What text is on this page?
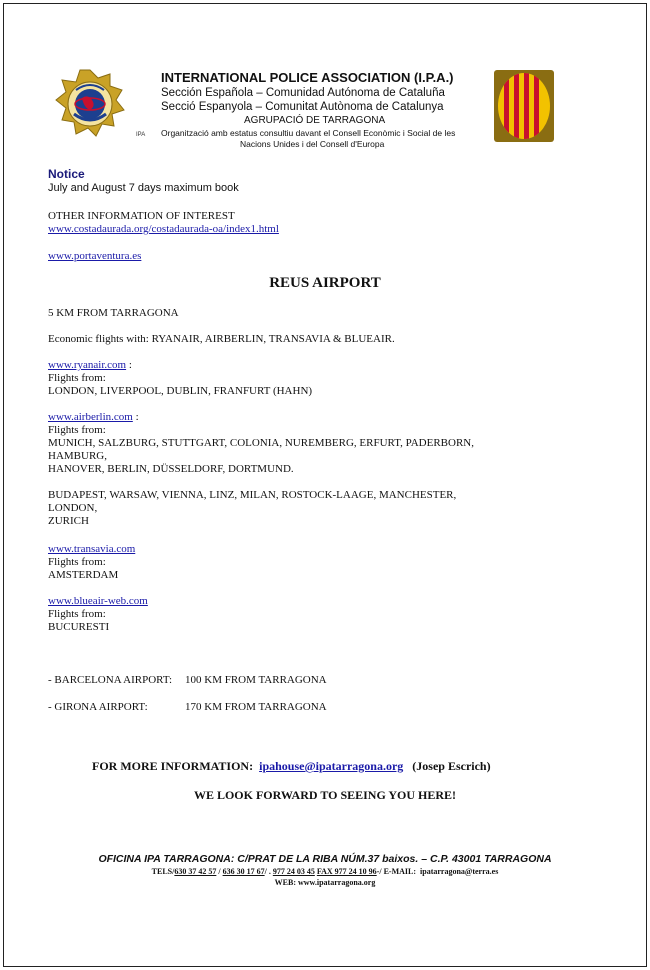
IPA
INTERNATIONAL POLICE ASSOCIATION (I.P.A.)
Sección Española – Comunidad Autónoma de Cataluña
Secció Espanyola – Comunitat Autònoma de Catalunya
AGRUPACIÓ DE TARRAGONA
Organització amb estatus consultiu davant el Consell Econòmic i Social de les
Nacions Unides i del Consell d'Europa
Notice
July and August 7 days maximum book
OTHER INFORMATION OF INTEREST
www.costadaurada.org/costadaurada-oa/index1.html
www.portaventura.es
REUS AIRPORT
5 KM FROM TARRAGONA
Economic flights with: RYANAIR, AIRBERLIN, TRANSAVIA & BLUEAIR.
www.ryanair.com :
Flights from:
LONDON, LIVERPOOL, DUBLIN, FRANFURT (HAHN)
www.airberlin.com :
Flights from:
MUNICH, SALZBURG, STUTTGART, COLONIA, NUREMBERG, ERFURT, PADERBORN,
HAMBURG,
HANOVER, BERLIN, DÜSSELDORF, DORTMUND.
BUDAPEST, WARSAW, VIENNA, LINZ, MILAN, ROSTOCK-LAAGE, MANCHESTER,
LONDON,
ZURICH
www.transavia.com
Flights from:
AMSTERDAM
www.blueair-web.com
Flights from:
BUCURESTI
- BARCELONA AIRPORT: 100 KM FROM TARRAGONA
- GIRONA AIRPORT:	170 KM FROM TARRAGONA
FOR MORE INFORMATION: ipahouse@ipatarragona.org (Josep Escrich)
WE LOOK FORWARD TO SEEING YOU HERE!
OFICINA IPA TARRAGONA: C/PRAT DE LA RIBA NÚM.37 baixos. – C.P. 43001 TARRAGONA
TELS/630 37 42 57 / 636 30 17 67/ . 977 24 03 45 FAX 977 24 10 96-/ E-MAIL: ipatarragona@terra.es
WEB: www.ipatarragona.org
